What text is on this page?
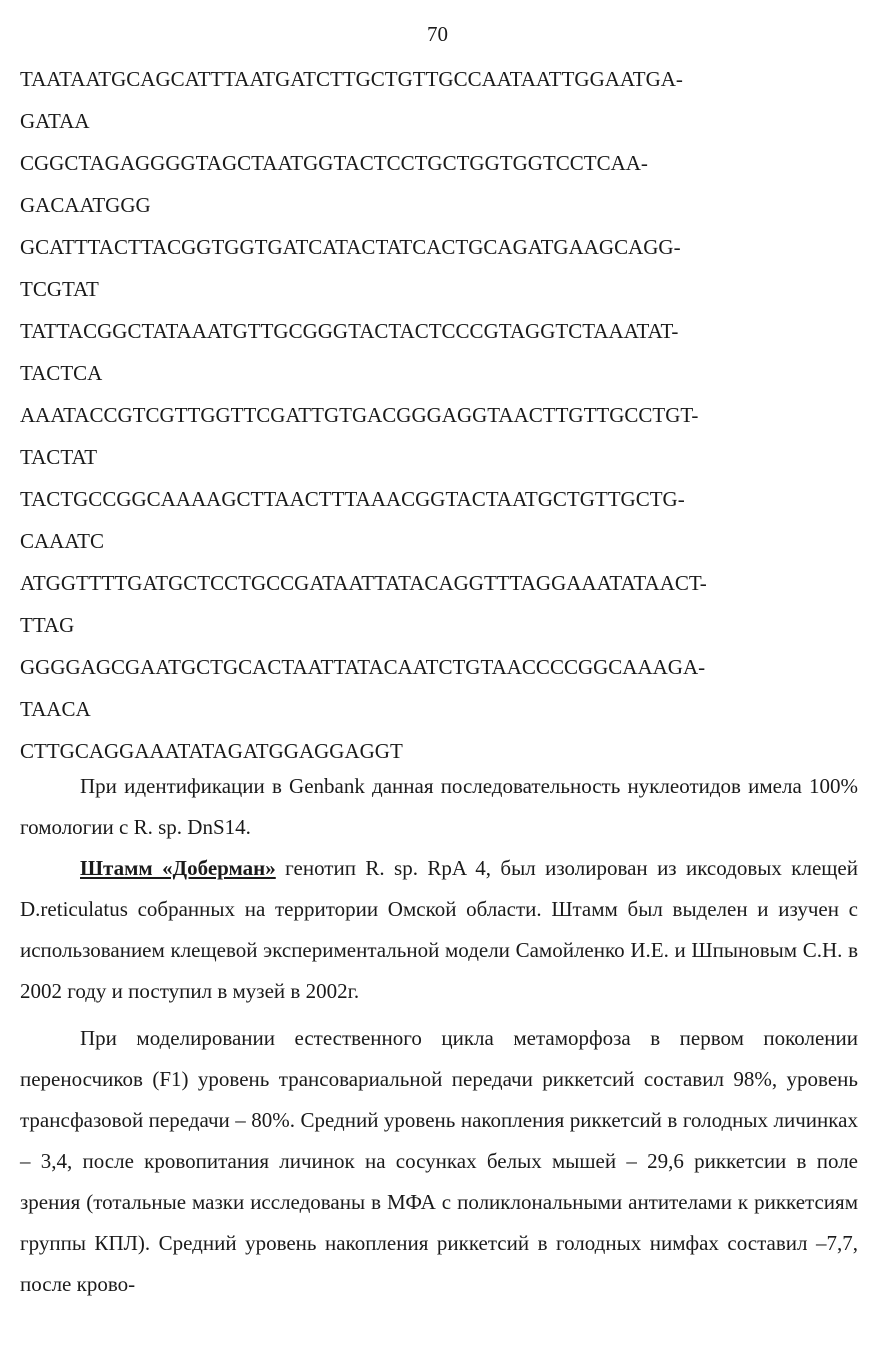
70
TAATAATGCAGCATTTAATGATCTTGCTGTTGCCAATAATTGGAATGA-
GATAA
CGGCTAGAGGGGTAGCTAATGGTACTCCTGCTGGTGGTCCTCAA-
GACAATGGG
GCATTTACTTACGGTGGTGATCATACTATCACTGCAGATGAAGCAGG-
TCGTAT
TATTACGGCTATAAATGTTGCGGGTACTACTCCCGTAGGTCTAAATAT-
TACTCA
AAATACCGTCGTTGGTTCGATTGTGACGGGAGGTAACTTGTTGCCTGT-
TACTAT
TACTGCCGGCAAAAGCTTAACTTTAAACGGTACTAATGCTGTTGCTG-
CAAATC
ATGGTTTTGATGCTCCTGCCGATAATTATACAGGTTTAGGAAATATAACT-
TTAG
GGGGAGCGAATGCTGCACTAATTATACAATCTGTAACCCCGGCAAAGA-
TAACA
CTTGCAGGAAATATAGATGGAGGAGGT

При идентификации в Genbank данная последовательность нуклеотидов имела 100% гомологии с R. sp. DnS14.

Штамм «Доберман» генотип R. sp. RpA 4, был изолирован из иксодовых клещей D.reticulatus собранных на территории Омской области. Штамм был выделен и изучен с использованием клещевой экспериментальной модели Самойленко И.Е. и Шпыновым С.Н. в 2002 году и поступил в музей в 2002г.

При моделировании естественного цикла метаморфоза в первом поколении переносчиков (F1) уровень трансовариальной передачи риккетсий составил 98%, уровень трансфазовой передачи – 80%. Средний уровень накопления риккетсий в голодных личинках – 3,4, после кровопитания личинок на сосунках белых мышей – 29,6 риккетсии в поле зрения (тотальные мазки исследованы в МФА с поликлональными антителами к риккетсиям группы КПЛ). Средний уровень накопления риккетсий в голодных нимфах составил –7,7, после крово-
